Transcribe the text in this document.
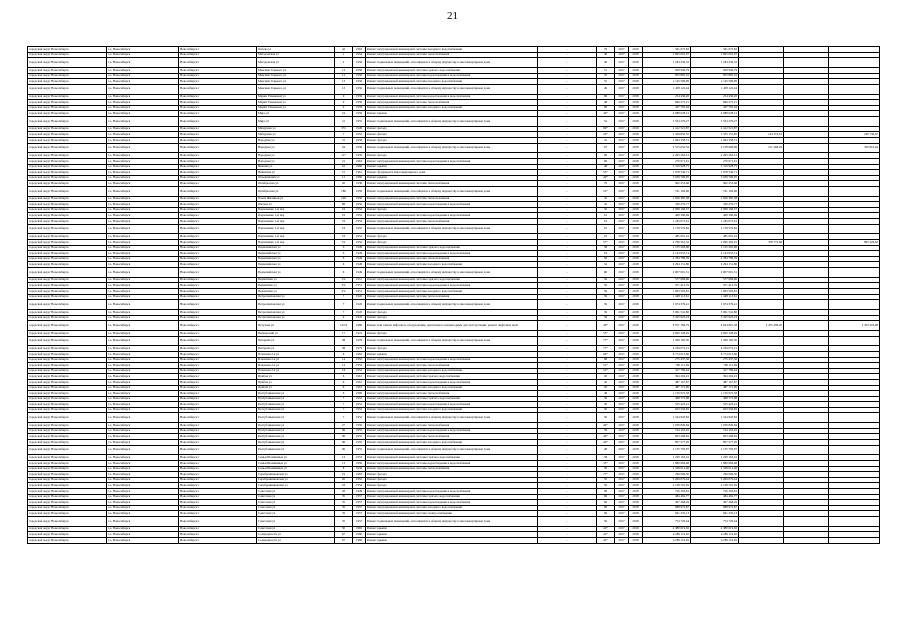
21
городской округ Новосибирск	г.о. Новосибирск	Новосибирск г	Лобова ул	42	1963	Ремонт внутридомовой инженерной системы холодного водоснабжения	-	79	2017	2019	561 675,82	561 675,82			
городской округ Новосибирск	г.о. Новосибирск	Новосибирск г	Магаданская ул	1	1954	Ремонт внутридомовой инженерной системы теплоснабжения	-	48	2017	2018	1 665 001,97	1 665 001,97			
городской округ Новосибирск	г.о. Новосибирск	Новосибирск г	Магаданская ул	2	1956	Ремонт подвальных помещений, относящихся к общему имуществу в многоквартирном доме	-	46	2017	2018	1 184 236,32	1 184 236,32			
городской округ Новосибирск	г.о. Новосибирск	Новосибирск г	Максима Горького ул	13	1956	Ремонт внутридомовой инженерной системы горячего водоснабжения	-	51	2017	2018	958 996,79	958 996,79			
городской округ Новосибирск	г.о. Новосибирск	Новосибирск г	Максима Горького ул	13	1956	Ремонт внутридомовой инженерной системы водоотведения и водоснабжения	-	55	2017	2018	955 865,16	955 865,16			
городской округ Новосибирск	г.о. Новосибирск	Новосибирск г	Максима Горького ул	13	1956	Ремонт внутридомовой инженерной системы холодного водоснабжения	-	55	2017	2018	1 145 509,99	1 145 509,99			
городской округ Новосибирск	г.о. Новосибирск	Новосибирск г	Максима Горького ул	13	1956	Ремонт подвальных помещений, относящихся к общему имуществу в многоквартирном доме	-	49	2017	2018	1 458 122,44	1 458 122,44			
городской округ Новосибирск	г.о. Новосибирск	Новосибирск г	Марии Ульяновой ул	9	1959	Ремонт внутридомовой инженерной системы водоотведения и водоснабжения	-	69	2017	2018	254 436,20	254 436,20			
городской округ Новосибирск	г.о. Новосибирск	Новосибирск г	Марии Ульяновой ул	9	1959	Ремонт внутридомовой инженерной системы теплоснабжения	-	48	2017	2018	869 275,21	869 275,21			
городской округ Новосибирск	г.о. Новосибирск	Новосибирск г	Марии Ульяновой ул	9	1959	Ремонт внутридомовой инженерной системы холодного водоснабжения	-	69	2017	2018	437 765,94	437 765,94			
городской округ Новосибирск	г.о. Новосибирск	Новосибирск г	Мира ул	19	1959	Ремонт крыши	-	49*	2017	2018	2 088 628,12	2 088 628,12			
городской округ Новосибирск	г.о. Новосибирск	Новосибирск г	Мира ул	21	1955	Ремонт подвальных помещений, относящихся к общему имуществу в многоквартирном доме	-	52	2017	2018	1 534 279,27	1 534 279,27			
городской округ Новосибирск	г.о. Новосибирск	Новосибирск г	Мичурина ул	37а	1949	Ремонт фасада	-	69*	2017	2018	2 412 521,87	2 412 521,87			
городской округ Новосибирск	г.о. Новосибирск	Новосибирск г	Мичурина ул	7	1952	Ремонт фасада	-	50*	2017	2018	1 459 850,52	1 335 151,85	124 372,61		166 730,67
городской округ Новосибирск	г.о. Новосибирск	Новосибирск г	Народная ул	31	1958	Ремонт фасада	-	41	2017	2018	1 964 358,72	1 964 358,72			
городской округ Новосибирск	г.о. Новосибирск	Новосибирск г	Народная ул	64	1956	Ремонт подвальных помещений, относящихся к общему имуществу в многоквартирном доме	-	67	2017	2018	2 515 632,54	2 158 996,06	151 268,26		356 816,46
городской округ Новосибирск	г.о. Новосибирск	Новосибирск г	Народная ул	117	1959	Ремонт фасада	-	69	2017	2018	2 265 263,12	2 265 263,12			
городской округ Новосибирск	г.о. Новосибирск	Новосибирск г	Народная ул	21	1963	Ремонт внутридомовой инженерной системы водоотведения и водоснабжения	-	69	2017	2018	270 671,61	270 671,61			
городской округ Новосибирск	г.о. Новосибирск	Новосибирск г	Нижняя ул	10	1960	Ремонт крыши	-	48	2017	2018	3 319 928,75	3 319 928,75			
городской округ Новосибирск	г.о. Новосибирск	Новосибирск г	Никитина ул	21	1961	Ремонт фундамента многоквартирного дома	-	53*	2017	2018	1 078 549,71	1 078 549,71			
городской округ Новосибирск	г.о. Новосибирск	Новосибирск г	Объединения ул	11	1966	Ремонт крыши	-	40*	2017	2018	3 039 700,95	3 039 700,95			
городской округ Новосибирск	г.о. Новосибирск	Новосибирск г	Октябрьская ул	20	1938	Ремонт внутридомовой инженерной системы теплоснабжения	-	79	2017	2018	962 253,66	962 253,66			
городской округ Новосибирск	г.о. Новосибирск	Новосибирск г	Октябрьская ул	186	1959	Ремонт подвальных помещений, относящихся к общему имуществу в многоквартирном доме	-	52*	2017	2018	741 192,96	741 192,96			
городской округ Новосибирск	г.о. Новосибирск	Новосибирск г	Ольги Жилиной ул	100	1956	Ремонт внутридомовой инженерной системы теплоснабжения	-	55	2017	2018	1 026 285,58	1 026 285,58			
городской округ Новосибирск	г.о. Новосибирск	Новосибирск г	Омская ул	89	1956	Ремонт внутридомовой инженерной системы водоотведения и водоснабжения	-	42	2017	2018	320 270,77	320 270,77			
городской округ Новосибирск	г.о. Новосибирск	Новосибирск г	Пархоменко 1-й пер	19	1952	Ремонт фасада	-	56	2017	2018	2 968 166,57	2 968 166,57			
городской округ Новосибирск	г.о. Новосибирск	Новосибирск г	Пархоменко 1-й пер	19	1952	Ремонт внутридомовой инженерной системы водоотведения и водоснабжения	-	61	2017	2018	468 390,69	468 390,69			
городской округ Новосибирск	г.о. Новосибирск	Новосибирск г	Пархоменко 1-й пер	19	1952	Ремонт внутридомовой инженерной системы теплоснабжения	-	61	2017	2018	1 185 073,61	1 185 073,61			
городской округ Новосибирск	г.о. Новосибирск	Новосибирск г	Пархоменко 1-й пер	19	1952	Ремонт подвальных помещений, относящихся к общему имуществу в многоквартирном доме	-	61	2017	2018	1 178 570,82	1 178 570,82			
городской округ Новосибирск	г.о. Новосибирск	Новосибирск г	Пархоменко 1-й пер	19	1952	Ремонт фасада	-	61	2017	2018	485 691,22	485 691,22			
городской округ Новосибирск	г.о. Новосибирск	Новосибирск г	Пархоменко 1-й пер	19	1952	Ремонт фасада	-	57*	2017	2018	2 766 561,32	2 096 392,91	378 772,66		895 226,62
городской округ Новосибирск	г.о. Новосибирск	Новосибирск г	Первомайская ул	6	1949	Ремонт внутридомовой инженерной системы горячего водоснабжения	-	58	2017	2018	1 135 203,90	1 135 203,90			
городской округ Новосибирск	г.о. Новосибирск	Новосибирск г	Первомайская ул	6	1949	Ремонт внутридомовой инженерной системы водоотведения и водоснабжения	-	63	2017	2018	2 143 955,14	2 143 955,14			
городской округ Новосибирск	г.о. Новосибирск	Новосибирск г	Первомайская ул	6	1949	Ремонт внутридомовой инженерной системы теплоснабжения	-	56	2017	2018	2 784 786,39	2 784 786,39			
городской округ Новосибирск	г.о. Новосибирск	Новосибирск г	Первомайская ул	6	1949	Ремонт внутридомовой инженерной системы холодного водоснабжения	-	54	2017	2018	2 294 151,86	2 294 151,86			
городской округ Новосибирск	г.о. Новосибирск	Новосибирск г	Первомайская ул	6	1949	Ремонт подвальных помещений, относящихся к общему имуществу в многоквартирном доме	-	60	2017	2018	2 007 091,31	2 007 091,31			
городской округ Новосибирск	г.о. Новосибирск	Новосибирск г	Пермитина ул	3/2	1951	Ремонт внутридомовой инженерной системы горячего водоснабжения	-	59	2017	2018	577 696,66	577 696,66			
городской округ Новосибирск	г.о. Новосибирск	Новосибирск г	Пермитина ул	3/2	1951	Ремонт внутридомовой инженерной системы водоотведения и водоснабжения	-	59	2017	2018	971 412,76	971 412,76			
городской округ Новосибирск	г.о. Новосибирск	Новосибирск г	Пермитина ул	3/2	1951	Ремонт внутридомовой инженерной системы холодного водоснабжения	-	59	2017	2018	1 063 505,81	1 063 505,81			
городской округ Новосибирск	г.о. Новосибирск	Новосибирск г	Петропавловская ул	7	1945	Ремонт внутридомовой инженерной системы теплоснабжения	-	59	2017	2018	1 448 113,61	1 448 113,61			
городской округ Новосибирск	г.о. Новосибирск	Новосибирск г	Петропавловская ул	7	1945	Ремонт подвальных помещений, относящихся к общему имуществу в многоквартирном доме	-	59	2017	2018	1 674 379,41	1 674 379,41			
городской округ Новосибирск	г.о. Новосибирск	Новосибирск г	Петропавловская ул	7	1945	Ремонт фасада	-	59	2017	2018	3 061 541,80	3 061 541,80			
городской округ Новосибирск	г.о. Новосибирск	Новосибирск г	Петропавловская ул	9	1945	Ремонт фасада	-	59	2017	2018	3 345 623,24	3 345 623,24			
городской округ Новосибирск	г.о. Новосибирск	Новосибирск г	Петухова ул	122/3	1989	Ремонт или замена лифтового оборудования, признанного непригодным для эксплуатации, ремонт лифтовых шахт	-	40*	2017	2018	6 971 184,79	4 644 891,38	2 475 299,26		2 453 293,08
городской округ Новосибирск	г.о. Новосибирск	Новосибирск г	Пионерский ул	17	1941	Ремонт фасада	-	55*	2017	2018	2 690 328,26	2 690 328,26			
городской округ Новосибирск	г.о. Новосибирск	Новосибирск г	Писарева ул	38	1979	Ремонт подвальных помещений, относящихся к общему имуществу в многоквартирном доме	-	77*	2017	2018	1 260 105,30	1 260 105,30			
городской округ Новосибирск	г.о. Новосибирск	Новосибирск г	Писарева ул	38	1979	Ремонт фасада	-	77*	2017	2018	4 239 072,21	4 239 072,21			
городской округ Новосибирск	г.о. Новосибирск	Новосибирск г	Плановая 2-я ул	6	1962	Ремонт крыши	-	60*	2017	2018	6 774 613,60	6 774 613,60			
городской округ Новосибирск	г.о. Новосибирск	Новосибирск г	Плановая 2-я ул	14	1952	Ремонт внутридомовой инженерной системы водоотведения и водоснабжения	-	68	2017	2018	275 437,36	275 437,36			
городской округ Новосибирск	г.о. Новосибирск	Новосибирск г	Плановая 2-я ул	14	1952	Ремонт внутридомовой инженерной системы теплоснабжения	-	51*	2017	2018	780 111,69	780 111,69			
городской округ Новосибирск	г.о. Новосибирск	Новосибирск г	Плановая 2-я ул	14	1952	Ремонт внутридомовой инженерной системы холодного водоснабжения	-	52*	2017	2018	417 760,64	417 760,64			
городской округ Новосибирск	г.о. Новосибирск	Новосибирск г	Прибоя ул	6	1961	Ремонт внутридомовой инженерной системы горячего водоснабжения	-	45	2017	2018	394 262,22	394 262,22			
городской округ Новосибирск	г.о. Новосибирск	Новосибирск г	Прибоя ул	6	1961	Ремонт внутридомовой инженерной системы водоотведения и водоснабжения	-	45	2017	2018	487 167,87	487 167,87			
городской округ Новосибирск	г.о. Новосибирск	Новосибирск г	Прибоя ул	6	1961	Ремонт внутридомовой инженерной системы холодного водоснабжения	-	45	2017	2018	487 171,96	487 171,96			
городской округ Новосибирск	г.о. Новосибирск	Новосибирск г	Республиканская ул	6	1969	Ремонт внутридомовой инженерной системы теплоснабжения	-	48	2017	2018	1 156 072,58	1 156 072,58			
городской округ Новосибирск	г.о. Новосибирск	Новосибирск г	Республиканская ул	7	1952	Ремонт внутридомовой инженерной системы горячего водоснабжения	-	56	2017	2018	468 775,98	468 775,98			
городской округ Новосибирск	г.о. Новосибирск	Новосибирск г	Республиканская ул	7	1952	Ремонт внутридомовой инженерной системы водоотведения и водоснабжения	-	56	2017	2018	525 423,41	525 423,41			
городской округ Новосибирск	г.о. Новосибирск	Новосибирск г	Республиканская ул	7	1952	Ремонт внутридомовой инженерной системы холодного водоснабжения	-	56	2017	2018	643 556,65	643 556,65			
городской округ Новосибирск	г.о. Новосибирск	Новосибирск г	Республиканская ул	7	1952	Ремонт подвальных помещений, относящихся к общему имуществу в многоквартирном доме	-	56	2017	2018	1 194 945,82	1 194 945,82			
городской округ Новосибирск	г.о. Новосибирск	Новосибирск г	Республиканская ул	27	1956	Ремонт внутридомовой инженерной системы теплоснабжения	-	49*	2017	2018	1 039 849,84	1 039 849,84			
городской округ Новосибирск	г.о. Новосибирск	Новосибирск г	Республиканская ул	96	1955	Ремонт внутридомовой инженерной системы водоотведения и водоснабжения	-	59	2017	2018	724 163,45	724 163,45			
городской округ Новосибирск	г.о. Новосибирск	Новосибирск г	Республиканская ул	96	1955	Ремонт внутридомовой инженерной системы теплоснабжения	-	49*	2017	2018	693 208,92	693 208,92			
городской округ Новосибирск	г.о. Новосибирск	Новосибирск г	Республиканская ул	96	1955	Ремонт внутридомовой инженерной системы холодного водоснабжения	-	49*	2017	2018	857 577,20	857 577,20			
городской округ Новосибирск	г.о. Новосибирск	Новосибирск г	Республиканская ул	96	1955	Ремонт подвальных помещений, относящихся к общему имуществу в многоквартирном доме	-	48	2017	2018	1 135 795,87	1 135 795,87			
городской округ Новосибирск	г.о. Новосибирск	Новосибирск г	Семьи Шамшиных ул	13	1953	Ремонт внутридомовой инженерной системы горячего водоснабжения	-	58	2017	2018	1 220 163,42	1 220 163,42			
городской округ Новосибирск	г.о. Новосибирск	Новосибирск г	Семьи Шамшиных ул	13	1956	Ремонт внутридомовой инженерной системы водоотведения и водоснабжения	-	35*	2017	2018	1 889 669,68	1 889 669,68			
городской округ Новосибирск	г.о. Новосибирск	Новосибирск г	Семьи Шамшиных ул	8	1956	Ремонт внутридомовой инженерной системы теплоснабжения	-	59	2017	2018	2 548 614,40	2 548 614,40			
городской округ Новосибирск	г.о. Новосибирск	Новосибирск г	Серебренниковская ул	19	1963	Ремонт фасада	-	77*	2017	2018	766 096,50	766 096,50			
городской округ Новосибирск	г.о. Новосибирск	Новосибирск г	Серебренниковская ул	20	1952	Ремонт фасада	-	55	2017	2018	3 269 079,44	3 269 079,44			
городской округ Новосибирск	г.о. Новосибирск	Новосибирск г	Серебренниковская ул	23	1954	Ремонт фасада	-	59	2017	2018	2 128 791,05	2 128 791,05			
городской округ Новосибирск	г.о. Новосибирск	Новосибирск г	Советская ул	26	1949	Ремонт внутридомовой инженерной системы водоотведения и водоснабжения	-	69	2017	2018	716 393,61	716 393,61			
городской округ Новосибирск	г.о. Новосибирск	Новосибирск г	Советская ул	35	1957	Ремонт внутридомовой инженерной системы горячего водоснабжения	-	69	2017	2018	484 462,77	484 462,77			
городской округ Новосибирск	г.о. Новосибирск	Новосибирск г	Советская ул	35	1957	Ремонт внутридомовой инженерной системы водоотведения и водоснабжения	-	69	2017	2018	497 268,29	497 268,29			
городской округ Новосибирск	г.о. Новосибирск	Новосибирск г	Советская ул	35	1957	Ремонт внутридомовой инженерной системы холодного водоснабжения	-	69	2017	2018	688 972,87	688 972,87			
городской округ Новосибирск	г.о. Новосибирск	Новосибирск г	Советская ул	35	1957	Ремонт внутридомовой инженерной системы электроснабжения	-	69	2017	2018	841 235,13	841 235,13			
городской округ Новосибирск	г.о. Новосибирск	Новосибирск г	Советская ул	35	1957	Ремонт подвальных помещений, относящихся к общему имуществу в многоквартирном доме	-	56	2017	2018	774 726,44	774 726,44			
городской округ Новосибирск	г.о. Новосибирск	Новосибирск г	Советская ул	50	1965	Ремонт крыши	-	42*	2017	2018	4 380 619,65	4 380 619,65			
городской округ Новосибирск	г.о. Новосибирск	Новосибирск г	Солидарности ул	67	1960	Ремонт крыши	-	42*	2017	2018	4 289 119,65	4 289 119,65			
городской округ Новосибирск	г.о. Новосибирск	Новосибирск г	Солидарности ул	67	1960	Ремонт крыши	-	42*	2017	2018	4 289 119,65	4 289 119,65			
